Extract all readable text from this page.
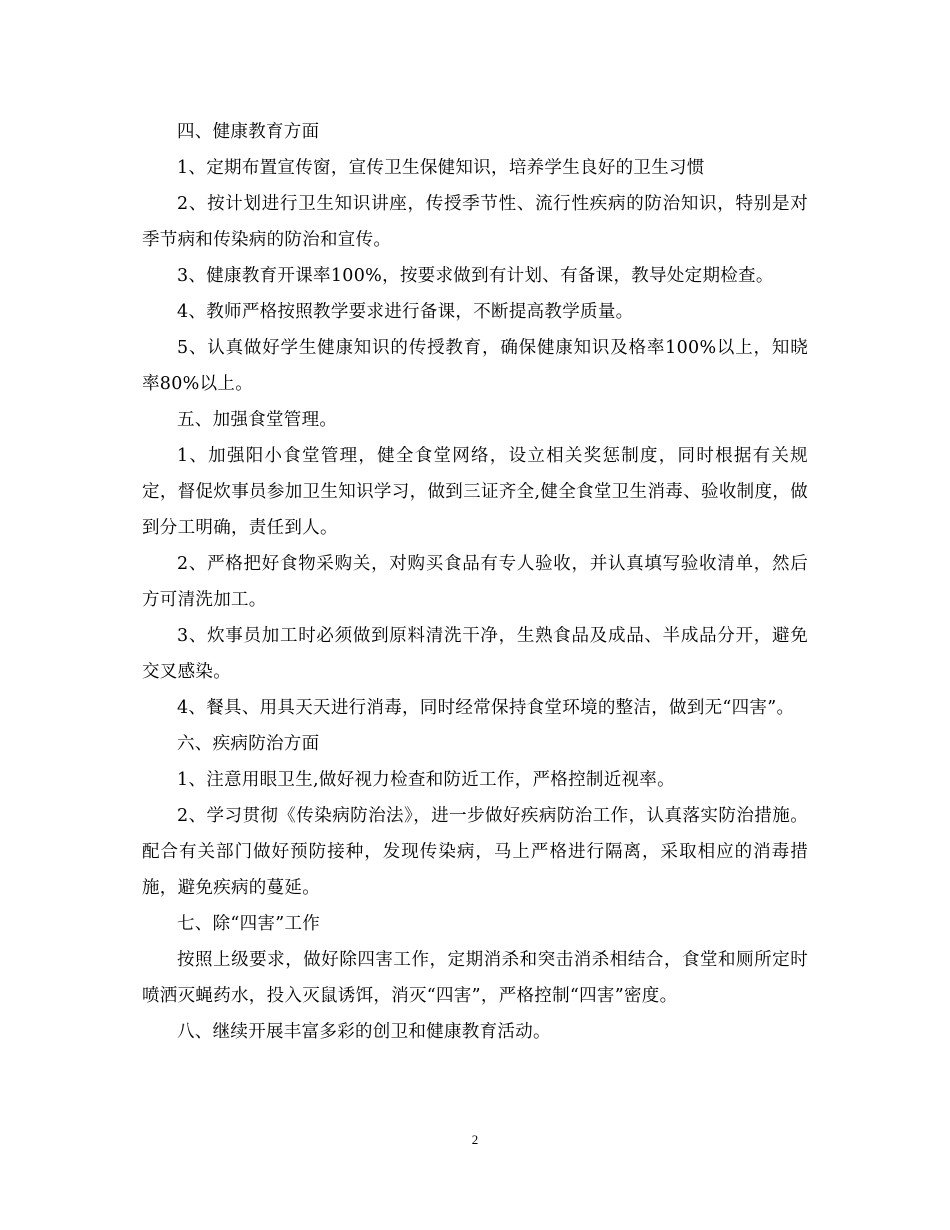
四、健康教育方面

1、定期布置宣传窗，宣传卫生保健知识，培养学生良好的卫生习惯

2、按计划进行卫生知识讲座，传授季节性、流行性疾病的防治知识，特别是对季节病和传染病的防治和宣传。

3、健康教育开课率100%，按要求做到有计划、有备课，教导处定期检查。

4、教师严格按照教学要求进行备课，不断提高教学质量。

5、认真做好学生健康知识的传授教育，确保健康知识及格率100%以上，知晓率80%以上。

五、加强食堂管理。

1、加强阳小食堂管理，健全食堂网络，设立相关奖惩制度，同时根据有关规定，督促炊事员参加卫生知识学习，做到三证齐全,健全食堂卫生消毒、验收制度，做到分工明确，责任到人。

2、严格把好食物采购关，对购买食品有专人验收，并认真填写验收清单，然后方可清洗加工。

3、炊事员加工时必须做到原料清洗干净，生熟食品及成品、半成品分开，避免交叉感染。

4、餐具、用具天天进行消毒，同时经常保持食堂环境的整洁，做到无“四害”。

六、疾病防治方面

1、注意用眼卫生,做好视力检查和防近工作，严格控制近视率。

2、学习贯彻《传染病防治法》，进一步做好疾病防治工作，认真落实防治措施。配合有关部门做好预防接种，发现传染病，马上严格进行隔离，采取相应的消毒措施，避免疾病的蔓延。

七、除“四害”工作

按照上级要求，做好除四害工作，定期消杀和突击消杀相结合，食堂和厕所定时喷洒灭蝇药水，投入灭鼠诱饵，消灭“四害”，严格控制“四害”密度。

八、继续开展丰富多彩的创卫和健康教育活动。

2
